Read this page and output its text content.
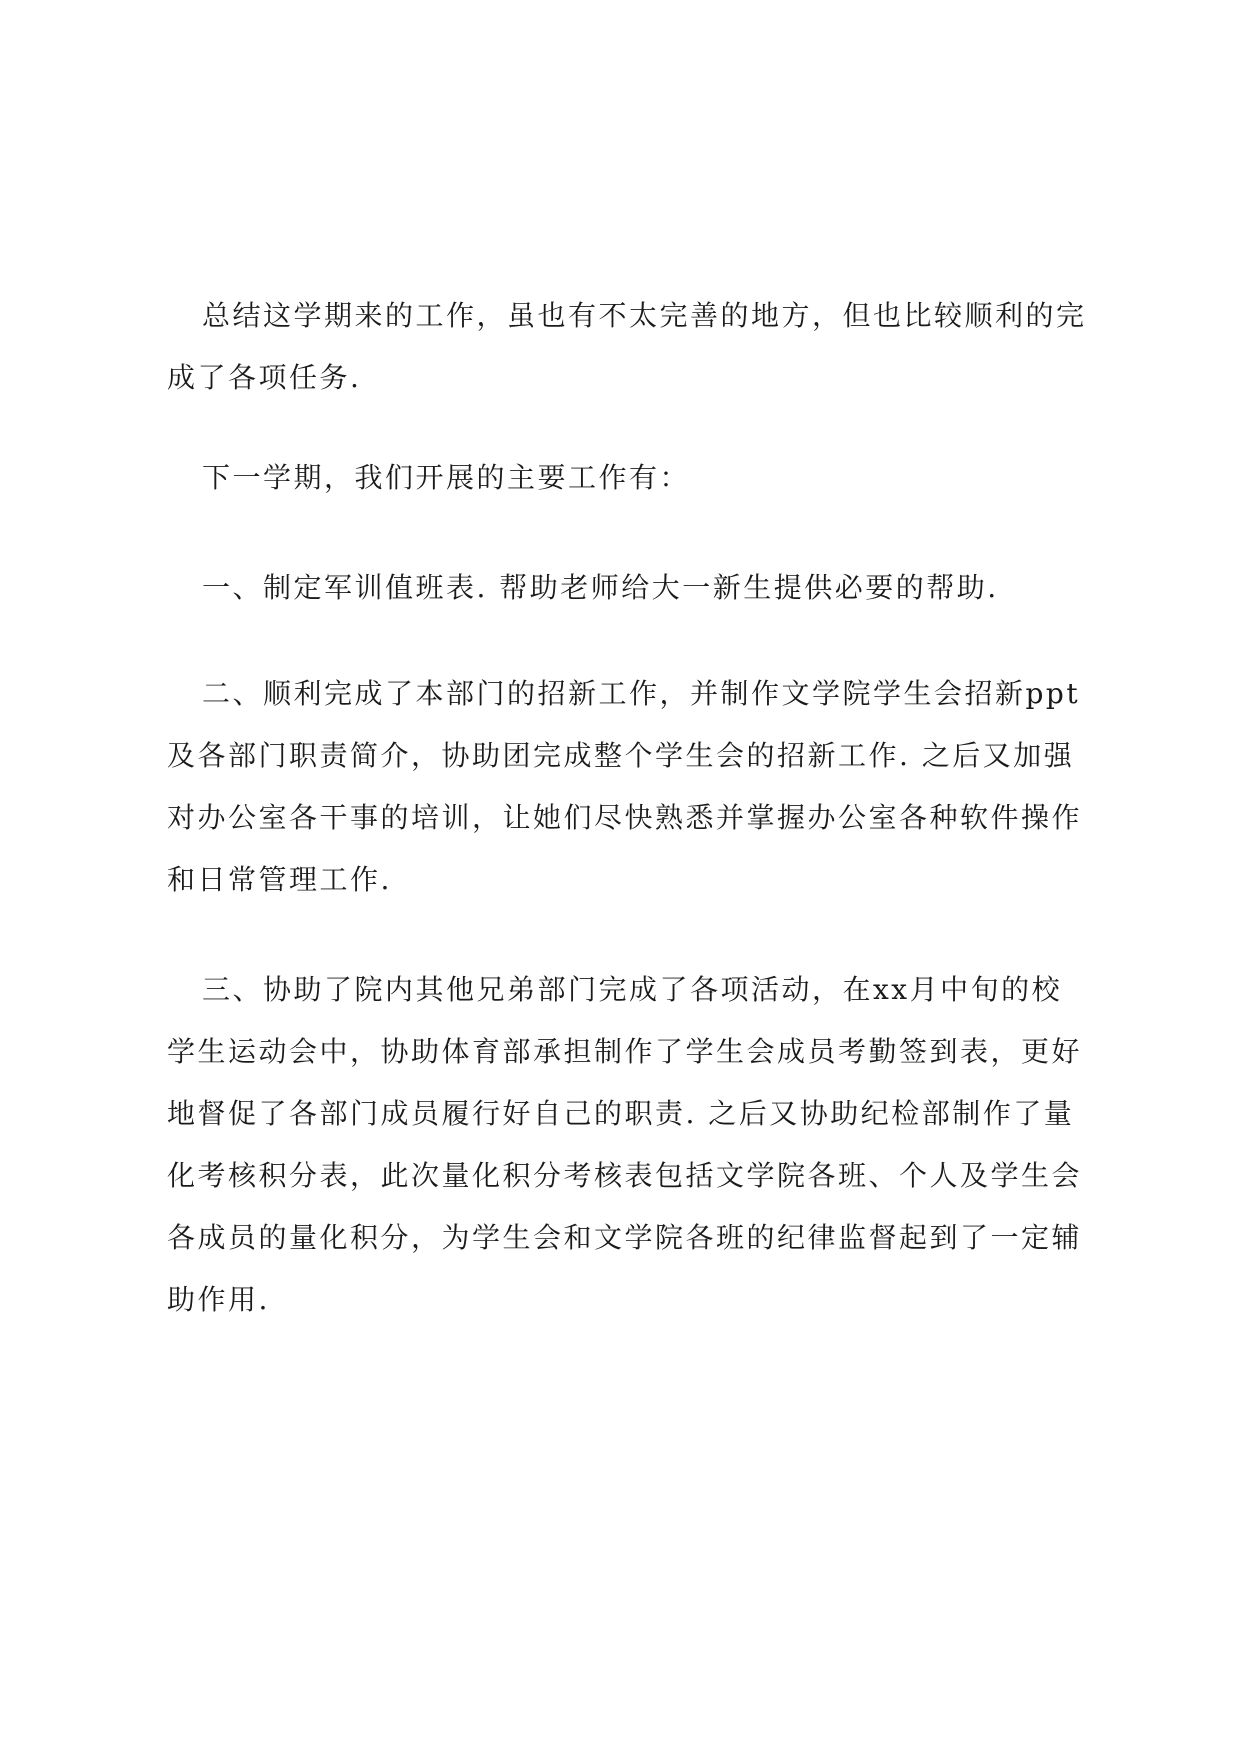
总结这学期来的工作，虽也有不太完善的地方，但也比较顺利的完成了各项任务.

下一学期，我们开展的主要工作有：

一、制定军训值班表. 帮助老师给大一新生提供必要的帮助.

二、顺利完成了本部门的招新工作，并制作文学院学生会招新ppt及各部门职责简介，协助团完成整个学生会的招新工作. 之后又加强对办公室各干事的培训，让她们尽快熟悉并掌握办公室各种软件操作和日常管理工作.

三、协助了院内其他兄弟部门完成了各项活动，在xx月中旬的校学生运动会中，协助体育部承担制作了学生会成员考勤签到表，更好地督促了各部门成员履行好自己的职责. 之后又协助纪检部制作了量化考核积分表，此次量化积分考核表包括文学院各班、个人及学生会各成员的量化积分，为学生会和文学院各班的纪律监督起到了一定辅助作用.
